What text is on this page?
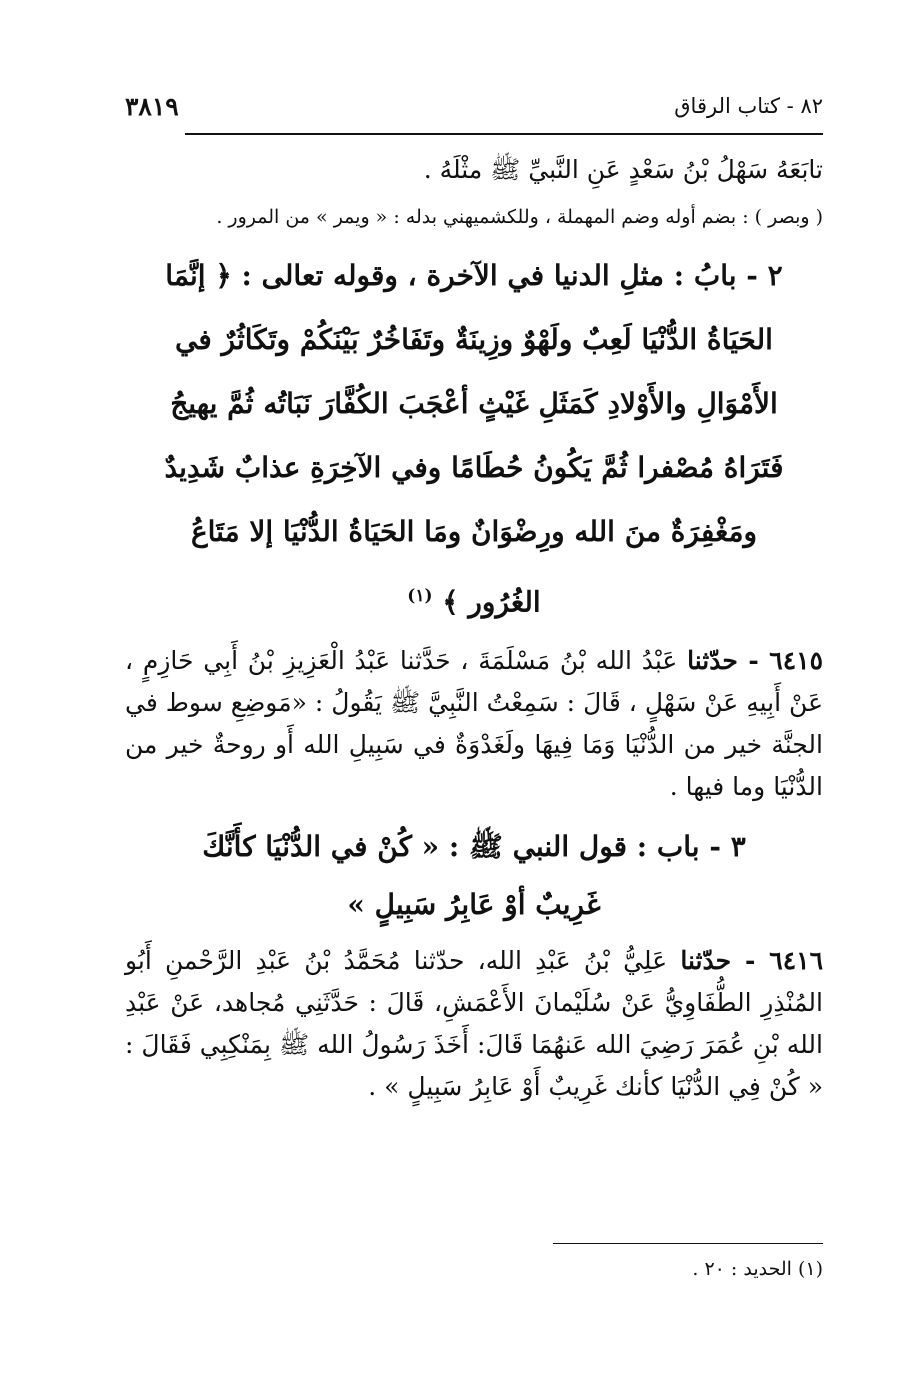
٨٢ - كتاب الرقاق
٣٨١٩

تابَعَهُ سَهْلُ بْنُ سَعْدٍ عَنِ النَّبيِّ ﷺ مثْلَهُ .

( وبصر ) : بضم أوله وضم المهملة ، وللكشميهني بدله : « ويمر » من المرور .

٢ - بابُ : مثلِ الدنيا في الآخرة ، وقوله تعالى : ﴿ إنَّمَا الحَيَاةُ الدُّنْيَا لَعِبٌ ولَهْوٌ وزِينَةٌ وتَفَاخُرٌ بَيْنَكُمْ وتَكَاثُرٌ في الأَمْوَالِ والأَوْلادِ كَمَثَلِ غَيْثٍ أعْجَبَ الكُفَّارَ نَبَاتُه ثُمَّ يهيجُ فَتَرَاهُ مُصْفرا ثُمَّ يَكُونُ حُطَامًا وفي الآخِرَةِ عذابٌ شَدِيدٌ ومَغْفِرَةٌ منَ الله ورِضْوَانٌ ومَا الحَيَاةُ الدُّنْيَا إلا مَتَاعُ الغُرُور ﴾ $^{(١)}$

٦٤١٥ - حدّثنا عَبْدُ الله بْنُ مَسْلَمَةَ ، حَدَّثنا عَبْدُ الْعَزِيزِ بْنُ أَبِي حَازِمٍ ، عَنْ أَبِيهِ عَنْ سَهْلٍ ، قَالَ : سَمِعْتُ النَّبِيَّ ﷺ يَقُولُ : «مَوضِعِ سوط في الجنَّة خير من الدُّنْيَا وَمَا فِيهَا ولَغَدْوَةٌ في سَبِيلِ الله أَو روحةٌ خير من الدُّنْيَا وما فيها .

٣ - باب : قول النبي ﷺ : « كُنْ في الدُّنْيَا كأَنَّكَ غَرِيبٌ أوْ عَابِرُ سَبِيلٍ »

٦٤١٦ - حدّثنا عَلِيُّ بْنُ عَبْدِ الله، حدّثنا مُحَمَّدُ بْنُ عَبْدِ الرَّحْمنِ أَبُو المُنْذِرِ الطُّفَاوِيُّ عَنْ سُلَيْمانَ الأَعْمَشِ، قَالَ : حَدَّثَنِي مُجاهد، عَنْ عَبْدِ الله بْنِ عُمَرَ رَضِيَ الله عَنهُمَا قَالَ: أَخَذَ رَسُولُ الله ﷺ بِمَنْكِبِي فَقَالَ : « كُنْ فِي الدُّنْيَا كأنك غَرِيبٌ أَوْ عَابِرُ سَبِيلٍ » .

(١) الحديد : ٢٠ .
